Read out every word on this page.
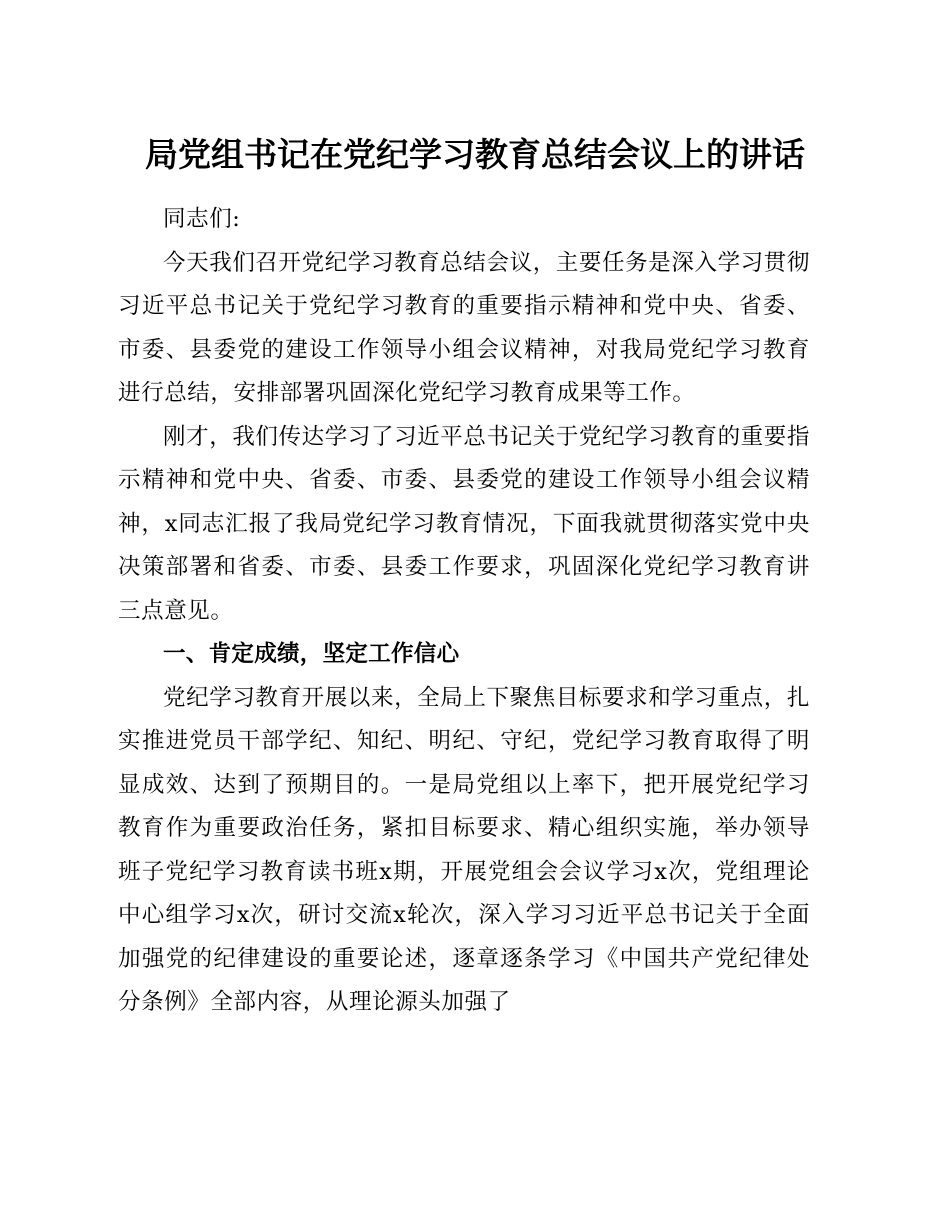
局党组书记在党纪学习教育总结会议上的讲话

同志们:

今天我们召开党纪学习教育总结会议，主要任务是深入学习贯彻习近平总书记关于党纪学习教育的重要指示精神和党中央、省委、市委、县委党的建设工作领导小组会议精神，对我局党纪学习教育进行总结，安排部署巩固深化党纪学习教育成果等工作。

刚才，我们传达学习了习近平总书记关于党纪学习教育的重要指示精神和党中央、省委、市委、县委党的建设工作领导小组会议精神，x同志汇报了我局党纪学习教育情况，下面我就贯彻落实党中央决策部署和省委、市委、县委工作要求，巩固深化党纪学习教育讲三点意见。

一、肯定成绩，坚定工作信心

党纪学习教育开展以来，全局上下聚焦目标要求和学习重点，扎实推进党员干部学纪、知纪、明纪、守纪，党纪学习教育取得了明显成效、达到了预期目的。一是局党组以上率下，把开展党纪学习教育作为重要政治任务，紧扣目标要求、精心组织实施，举办领导班子党纪学习教育读书班x期，开展党组会会议学习x次，党组理论中心组学习x次，研讨交流x轮次，深入学习习近平总书记关于全面加强党的纪律建设的重要论述，逐章逐条学习《中国共产党纪律处分条例》全部内容，从理论源头加强了
